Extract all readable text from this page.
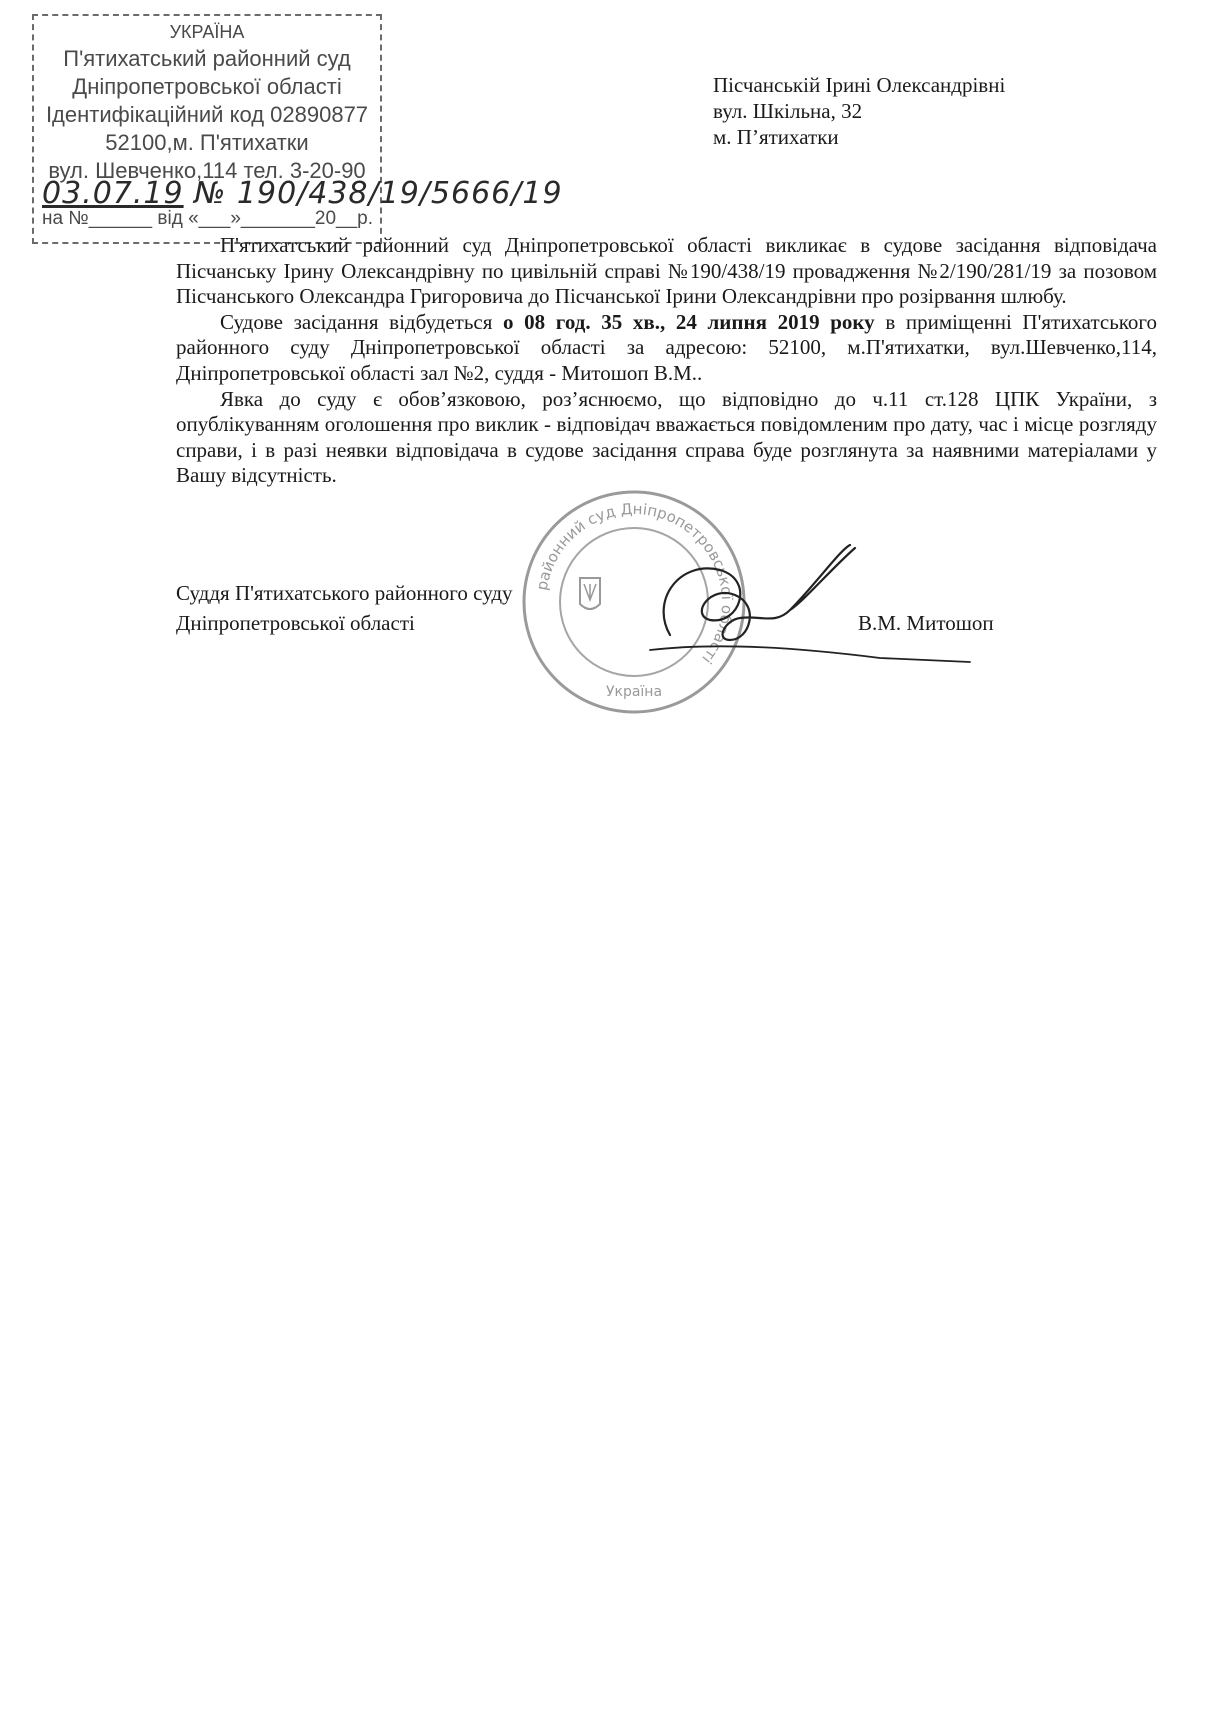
УКРАЇНА
П'ятихатський районний суд
Дніпропетровської області
Ідентифікаційний код 02890877
52100,м. П'ятихатки
вул. Шевченко,114 тел. 3-20-90
03.07.19 № 190/438/19/5666/19
на №______ від «___»_______20__р.
Пісчанській Ірині Олександрівні
вул. Шкільна, 32
м. П’ятихатки

П'ятихатський районний суд Дніпропетровської області викликає в судове засідання відповідача Пісчанську Ірину Олександрівну по цивільній справі №190/438/19 провадження №2/190/281/19 за позовом Пісчанського Олександра Григоровича до Пісчанської Ірини Олександрівни про розірвання шлюбу.

Судове засідання відбудеться о 08 год. 35 хв., 24 липня 2019 року в приміщенні П'ятихатського районного суду Дніпропетровської області за адресою: 52100, м.П'ятихатки, вул.Шевченко,114, Дніпропетровської області зал №2, суддя - Митошоп В.М..

Явка до суду є обов’язковою, роз’яснюємо, що відповідно до ч.11 ст.128 ЦПК України, з опублікуванням оголошення про виклик - відповідач вважається повідомленим про дату, час і місце розгляду справи, і в разі неявки відповідача в судове засідання справа буде розглянута за наявними матеріалами у Вашу відсутність.

районний суд Дніпропетровської області
Україна
Суддя П'ятихатського районного суду
Дніпропетровської області	В.М. Митошоп
